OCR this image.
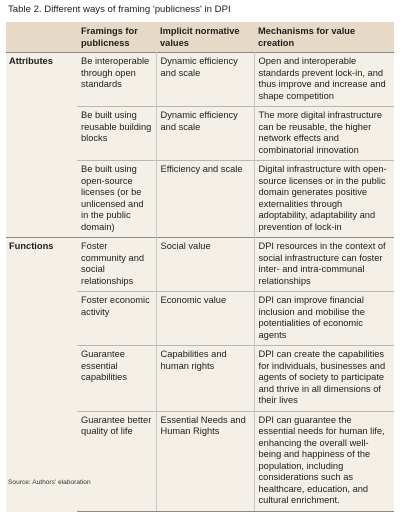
Table 2. Different ways of framing 'publicness' in DPI
	Framings for publicness	Implicit normative values	Mechanisms for value creation
Attributes	Be interoperable through open standards	Dynamic efficiency and scale	Open and interoperable standards prevent lock-in, and thus improve and increase and shape competition
	Be built using reusable building blocks	Dynamic efficiency and scale	The more digital infrastructure can be reusable, the higher network effects and combinatorial innovation
	Be built using open-source licenses (or be unlicensed and in the public domain)	Efficiency and scale	Digital infrastructure with open-source licenses or in the public domain generates positive externalities through adoptability, adaptability and prevention of lock-in
Functions	Foster community and social relationships	Social value	DPI resources in the context of social infrastructure can foster inter- and intra-communal relationships
	Foster economic activity	Economic value	DPI can improve financial inclusion and mobilise the potentialities of economic agents
	Guarantee essential capabilities	Capabilities and human rights	DPI can create the capabilities for individuals, businesses and agents of society to participate and thrive in all dimensions of their lives
	Guarantee better quality of life	Essential Needs and Human Rights	DPI can guarantee the essential needs for human life, enhancing the overall well-being and happiness of the population, including considerations such as healthcare, education, and cultural enrichment.
Source: Authors' elaboration
